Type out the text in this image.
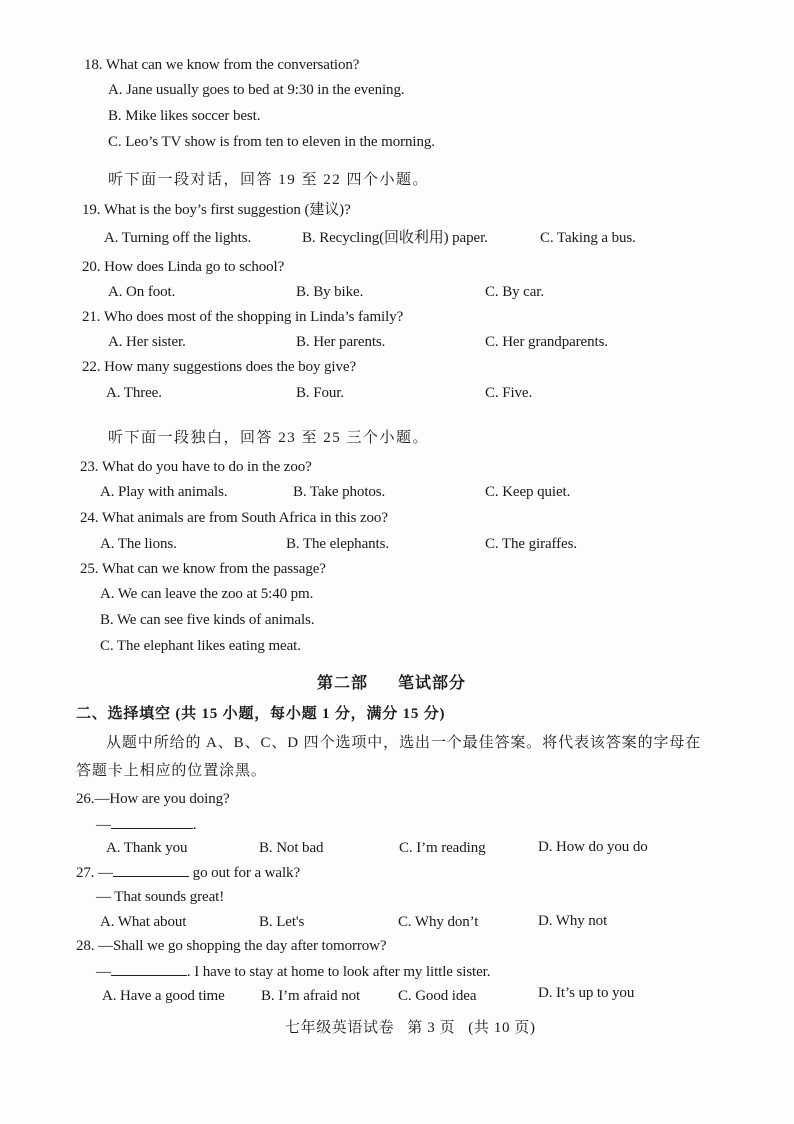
18. What can we know from the conversation?
A. Jane usually goes to bed at 9:30 in the evening.
B. Mike likes soccer best.
C. Leo’s TV show is from ten to eleven in the morning.
听下面一段对话，回答 19 至 22 四个小题。
19. What is the boy’s first suggestion (建议)?
A. Turning off the lights.	B. Recycling(回收利用) paper.	C. Taking a bus.
20. How does Linda go to school?
A. On foot.	B. By bike.	C. By car.
21. Who does most of the shopping in Linda’s family?
A. Her sister.	B. Her parents.	C. Her grandparents.
22. How many suggestions does the boy give?
A. Three.	B. Four.	C. Five.
听下面一段独白，回答 23 至 25 三个小题。
23. What do you have to do in the zoo?
A. Play with animals.	B. Take photos.	C. Keep quiet.
24. What animals are from South Africa in this zoo?
A. The lions.	B. The elephants.	C. The giraffes.
25. What can we know from the passage?
A. We can leave the zoo at 5:40 pm.
B. We can see five kinds of animals.
C. The elephant likes eating meat.
第二部 笔试部分
二、选择填空 (共 15 小题，每小题 1 分，满分 15 分)
从题中所给的 A、B、C、D 四个选项中，选出一个最佳答案。将代表该答案的字母在
答题卡上相应的位置涂黑。
26.—How are you doing?
—	.
A. Thank you	B. Not bad	C. I’m reading	D. How do you do
27. —	go out for a walk?
— That sounds great!
A. What about	B. Let's	C. Why don’t	D. Why not
28. —Shall we go shopping the day after tomorrow?
—	. I have to stay at home to look after my little sister.
A. Have a good time B. I’m afraid not	C. Good idea	D. It’s up to you
七年级英语试卷   第 3 页   (共 10 页)
